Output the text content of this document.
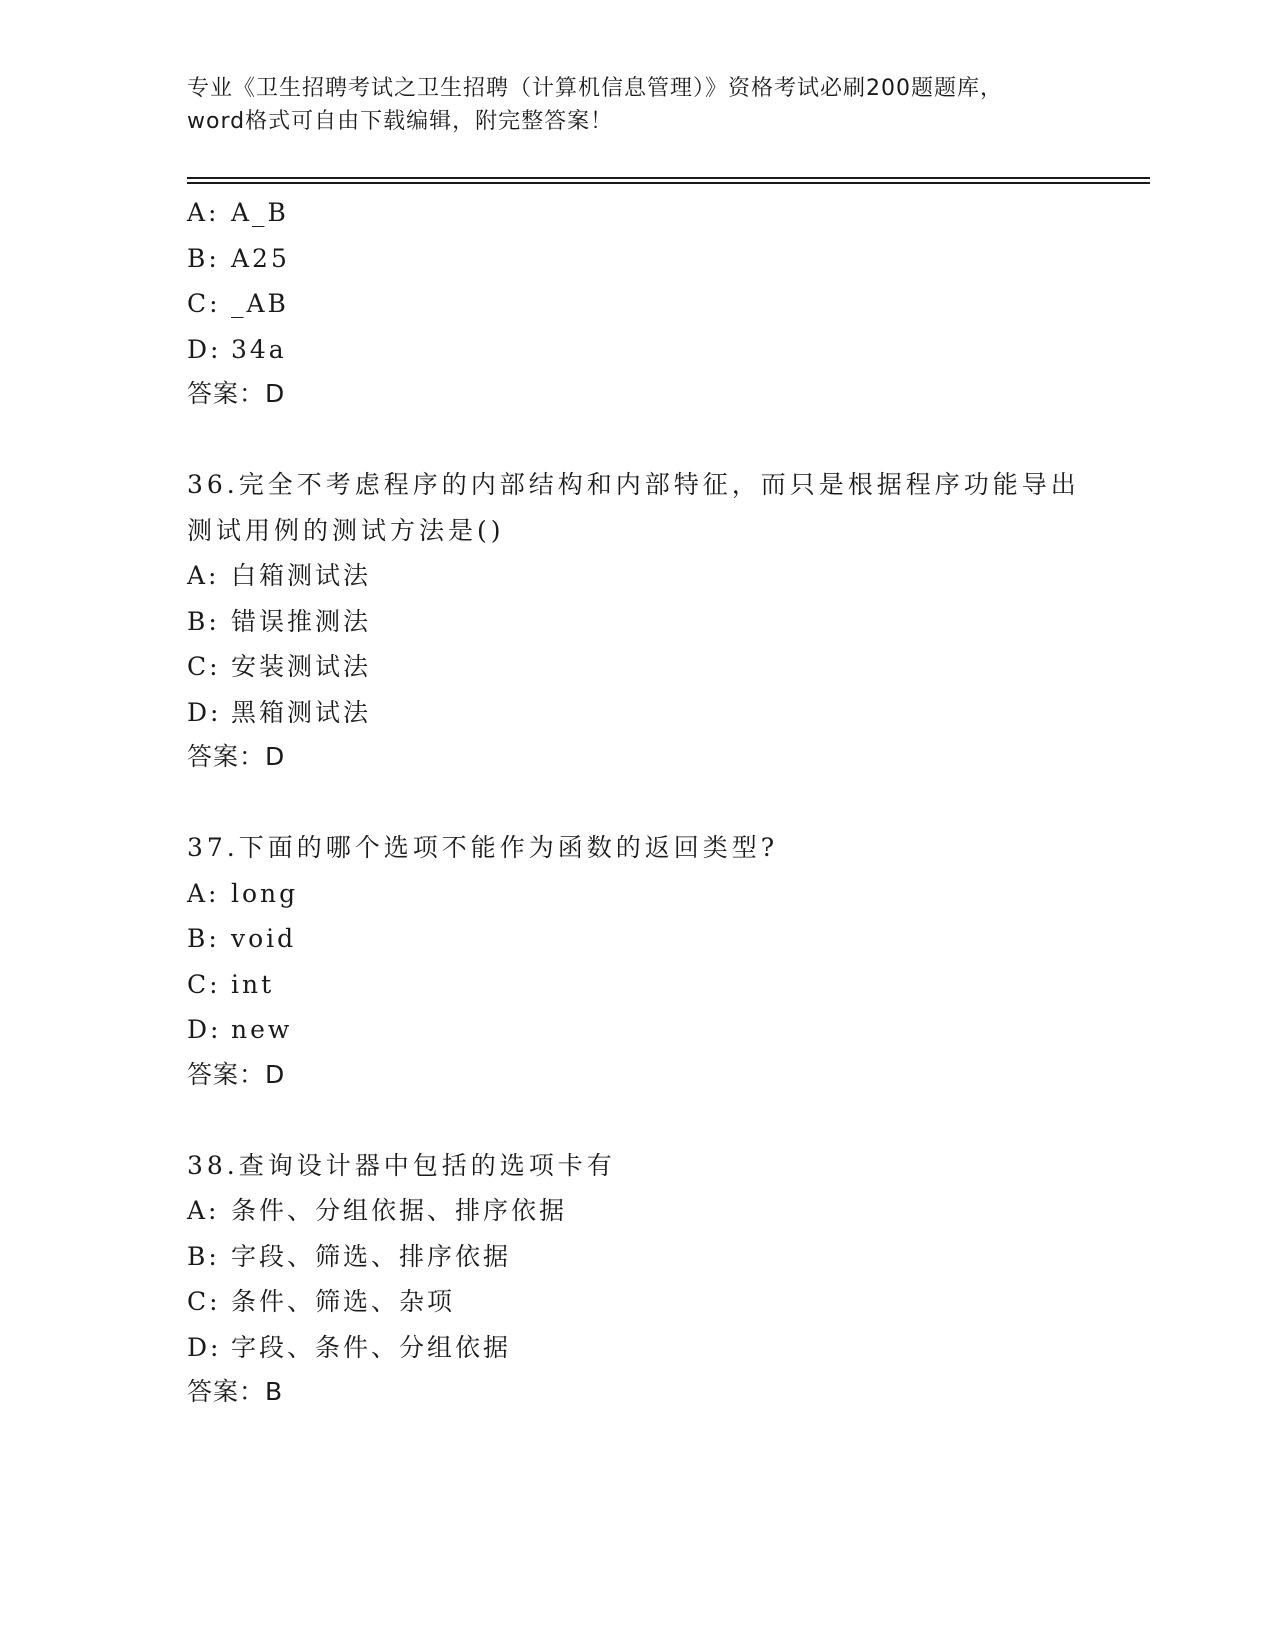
专业《卫生招聘考试之卫生招聘（计算机信息管理）》资格考试必刷200题题库，
word格式可自由下载编辑，附完整答案！
A: A_B
B: A25
C: _AB
D: 34a
答案：D
36.完全不考虑程序的内部结构和内部特征，而只是根据程序功能导出
测试用例的测试方法是()
A: 白箱测试法
B: 错误推测法
C: 安装测试法
D: 黑箱测试法
答案：D
37.下面的哪个选项不能作为函数的返回类型?
A: long
B: void
C: int
D: new
答案：D
38.查询设计器中包括的选项卡有
A: 条件、分组依据、排序依据
B: 字段、筛选、排序依据
C: 条件、筛选、杂项
D: 字段、条件、分组依据
答案：B
